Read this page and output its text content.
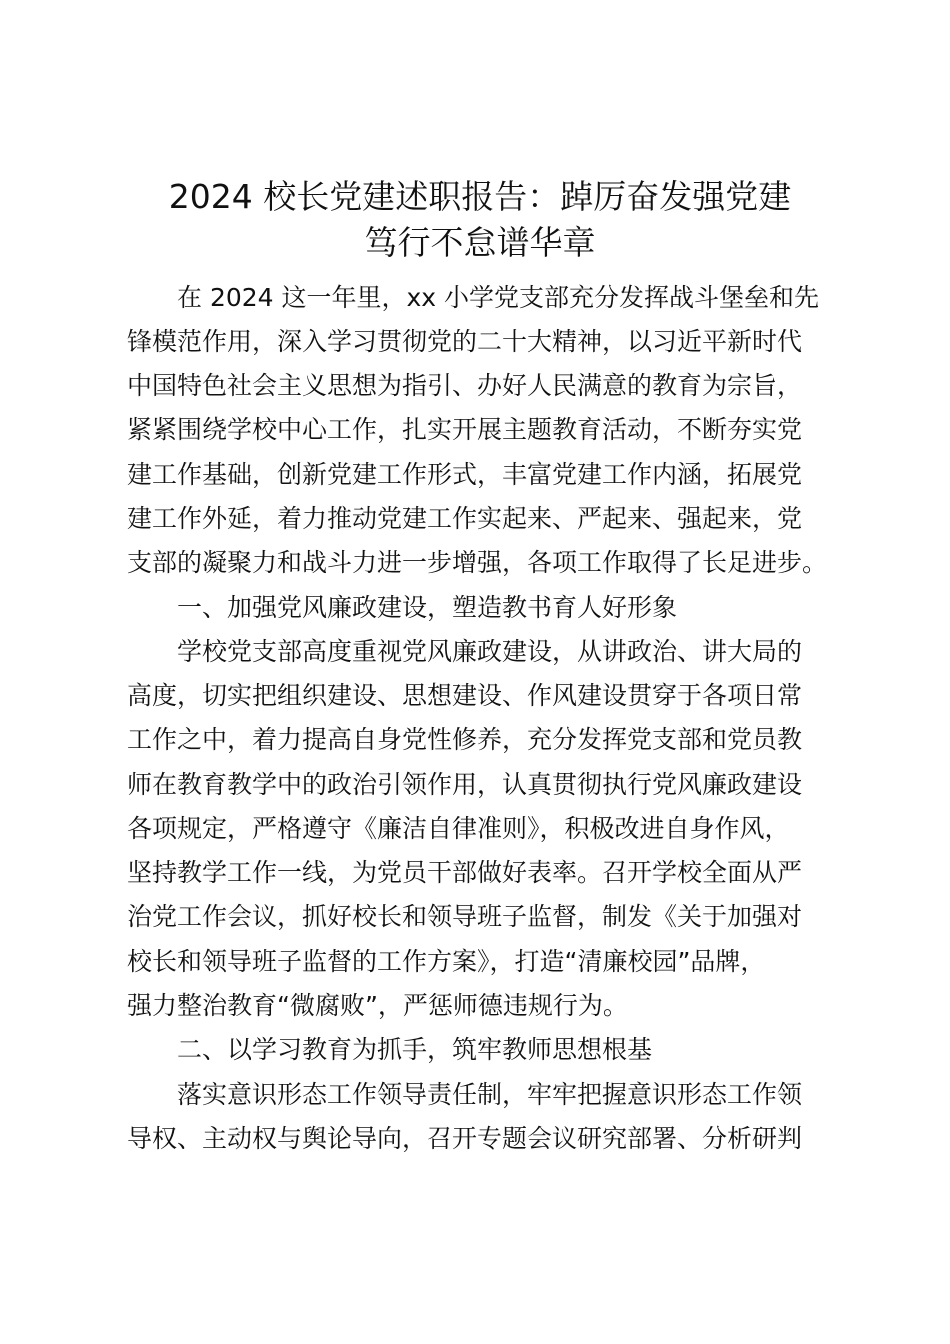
2024 校长党建述职报告：踔厉奋发强党建
笃行不怠谱华章
在 2024 这一年里，xx 小学党支部充分发挥战斗堡垒和先
锋模范作用，深入学习贯彻党的二十大精神，以习近平新时代
中国特色社会主义思想为指引、办好人民满意的教育为宗旨，
紧紧围绕学校中心工作，扎实开展主题教育活动，不断夯实党
建工作基础，创新党建工作形式，丰富党建工作内涵，拓展党
建工作外延，着力推动党建工作实起来、严起来、强起来，党
支部的凝聚力和战斗力进一步增强，各项工作取得了长足进步。
一、加强党风廉政建设，塑造教书育人好形象
学校党支部高度重视党风廉政建设，从讲政治、讲大局的
高度，切实把组织建设、思想建设、作风建设贯穿于各项日常
工作之中，着力提高自身党性修养，充分发挥党支部和党员教
师在教育教学中的政治引领作用，认真贯彻执行党风廉政建设
各项规定，严格遵守《廉洁自律准则》，积极改进自身作风，
坚持教学工作一线，为党员干部做好表率。召开学校全面从严
治党工作会议，抓好校长和领导班子监督，制发《关于加强对
校长和领导班子监督的工作方案》，打造“清廉校园”品牌，
强力整治教育“微腐败”，严惩师德违规行为。
二、以学习教育为抓手，筑牢教师思想根基
落实意识形态工作领导责任制，牢牢把握意识形态工作领
导权、主动权与舆论导向，召开专题会议研究部署、分析研判
